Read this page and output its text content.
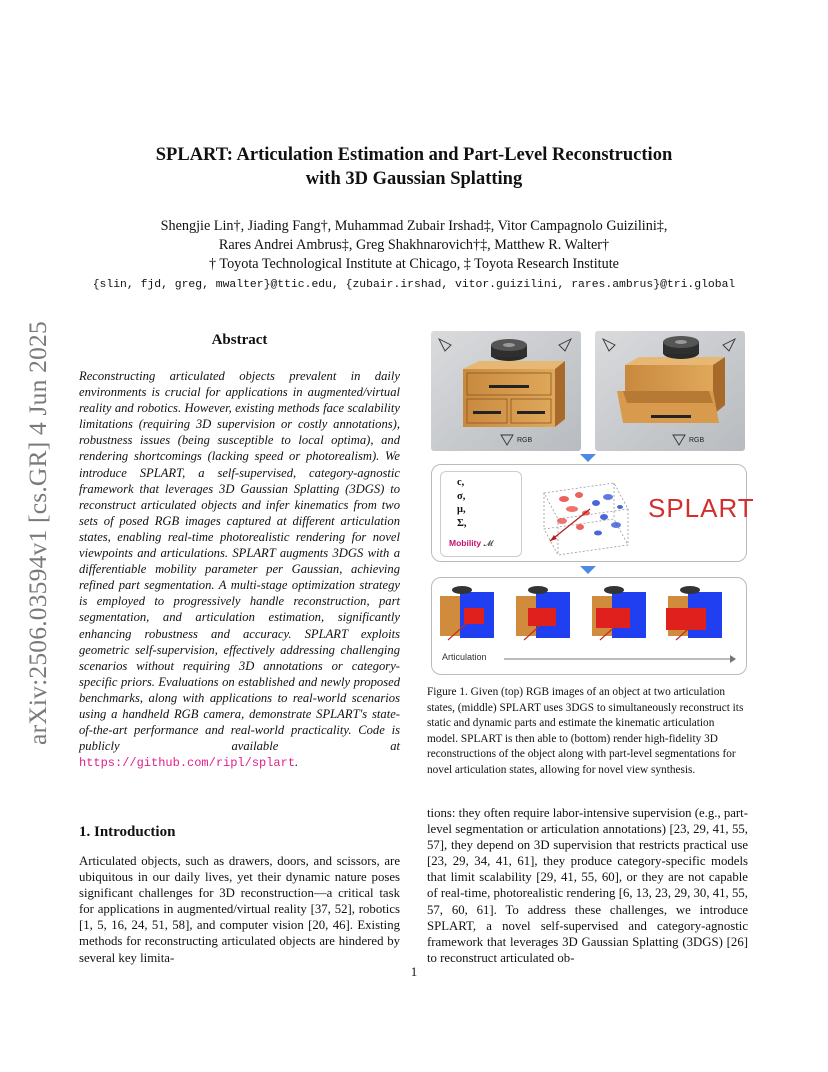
SPLART: Articulation Estimation and Part-Level Reconstruction
with 3D Gaussian Splatting
Shengjie Lin†, Jiading Fang†, Muhammad Zubair Irshad‡, Vitor Campagnolo Guizilini‡,
Rares Andrei Ambrus‡, Greg Shakhnarovich†‡, Matthew R. Walter†
† Toyota Technological Institute at Chicago, ‡ Toyota Research Institute
{slin, fjd, greg, mwalter}@ttic.edu, {zubair.irshad, vitor.guizilini, rares.ambrus}@tri.global
arXiv:2506.03594v1 [cs.GR] 4 Jun 2025	Abstract
Reconstructing articulated objects prevalent in daily environments is crucial for applications in augmented/virtual reality and robotics. However, existing methods face scalability limitations (requiring 3D supervision or costly annotations), robustness issues (being susceptible to local optima), and rendering shortcomings (lacking speed or photorealism). We introduce SPLART, a self-supervised, category-agnostic framework that leverages 3D Gaussian Splatting (3DGS) to reconstruct articulated objects and infer kinematics from two sets of posed RGB images captured at different articulation states, enabling real-time photorealistic rendering for novel viewpoints and articulations. SPLART augments 3DGS with a differentiable mobility parameter per Gaussian, achieving refined part segmentation. A multi-stage optimization strategy is employed to progressively handle reconstruction, part segmentation, and articulation estimation, significantly enhancing robustness and accuracy. SPLART exploits geometric self-supervision, effectively addressing challenging scenarios without requiring 3D annotations or category-specific priors. Evaluations on established and newly proposed benchmarks, along with applications to real-world scenarios using a handheld RGB camera, demonstrate SPLART's state-of-the-art performance and real-world practicality. Code is publicly available at https://github.com/ripl/splart.
RGB	RGB
c,
σ,
μ,
Σ,
Mobility 𝓜
SPLART
Articulation
Figure 1. Given (top) RGB images of an object at two articulation states, (middle) SPLART uses 3DGS to simultaneously reconstruct its static and dynamic parts and estimate the kinematic articulation model. SPLART is then able to (bottom) render high-fidelity 3D reconstructions of the object along with part-level segmentations for novel articulation states, allowing for novel view synthesis.
1. Introduction
Articulated objects, such as drawers, doors, and scissors, are ubiquitous in our daily lives, yet their dynamic nature poses significant challenges for 3D reconstruction—a critical task for applications in augmented/virtual reality [37, 52], robotics [1, 5, 16, 24, 51, 58], and computer vision [20, 46]. Existing methods for reconstructing articulated objects are hindered by several key limita-
tions: they often require labor-intensive supervision (e.g., part-level segmentation or articulation annotations) [23, 29, 41, 55, 57], they depend on 3D supervision that restricts practical use [23, 29, 34, 41, 61], they produce category-specific models that limit scalability [29, 41, 55, 60], or they are not capable of real-time, photorealistic rendering [6, 13, 23, 29, 30, 41, 55, 57, 60, 61]. To address these challenges, we introduce SPLART, a novel self-supervised and category-agnostic framework that leverages 3D Gaussian Splatting (3DGS) [26] to reconstruct articulated ob-
1
